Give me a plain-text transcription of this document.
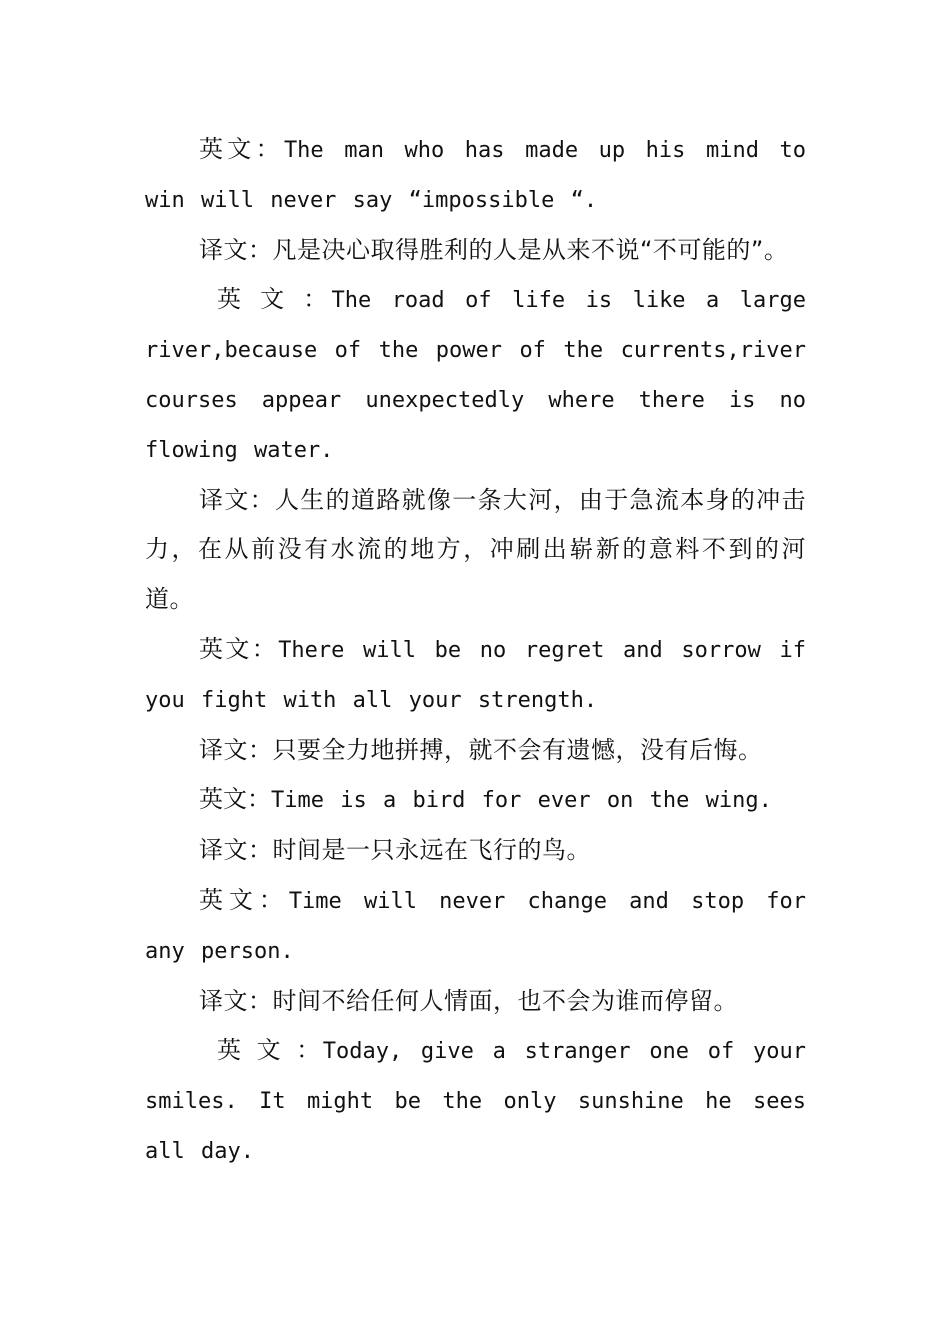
英文：The man who has made up his mind to win will never say “impossible “.

译文：凡是决心取得胜利的人是从来不说“不可能的”。

英 文 ：The road of life is like a large river,because of the power of the currents,river courses appear unexpectedly where there is no flowing water.

译文：人生的道路就像一条大河，由于急流本身的冲击力，在从前没有水流的地方，冲刷出崭新的意料不到的河道。

英文：There will be no regret and sorrow if you fight with all your strength.

译文：只要全力地拼搏，就不会有遗憾，没有后悔。

英文：Time is a bird for ever on the wing.

译文：时间是一只永远在飞行的鸟。

英文：Time will never change and stop for any person.

译文：时间不给任何人情面，也不会为谁而停留。

英 文 ：Today, give a stranger one of your smiles. It might be the only sunshine he sees all day.
